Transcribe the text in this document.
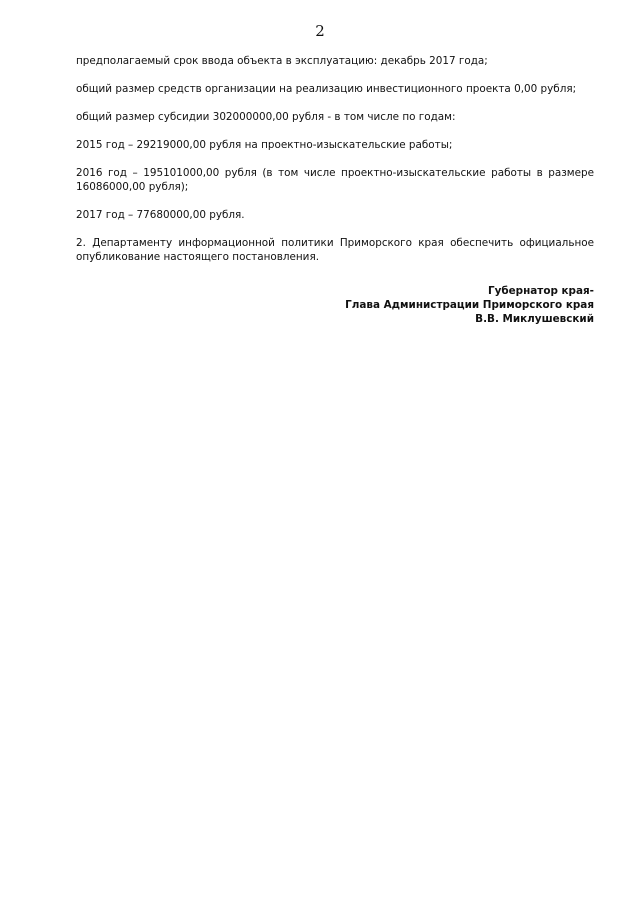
2

предполагаемый срок ввода объекта в эксплуатацию: декабрь 2017 года;

общий размер средств организации на реализацию инвестиционного проекта 0,00 рубля;

общий размер субсидии 302000000,00 рубля - в том числе по годам:

2015 год – 29219000,00 рубля на проектно-изыскательские работы;

2016 год – 195101000,00 рубля (в том числе проектно-изыскательские работы в размере 16086000,00 рубля);

2017 год – 77680000,00 рубля.

2. Департаменту информационной политики Приморского края обеспечить официальное опубликование настоящего постановления.

Губернатор края-
Глава Администрации Приморского края
В.В. Миклушевский
